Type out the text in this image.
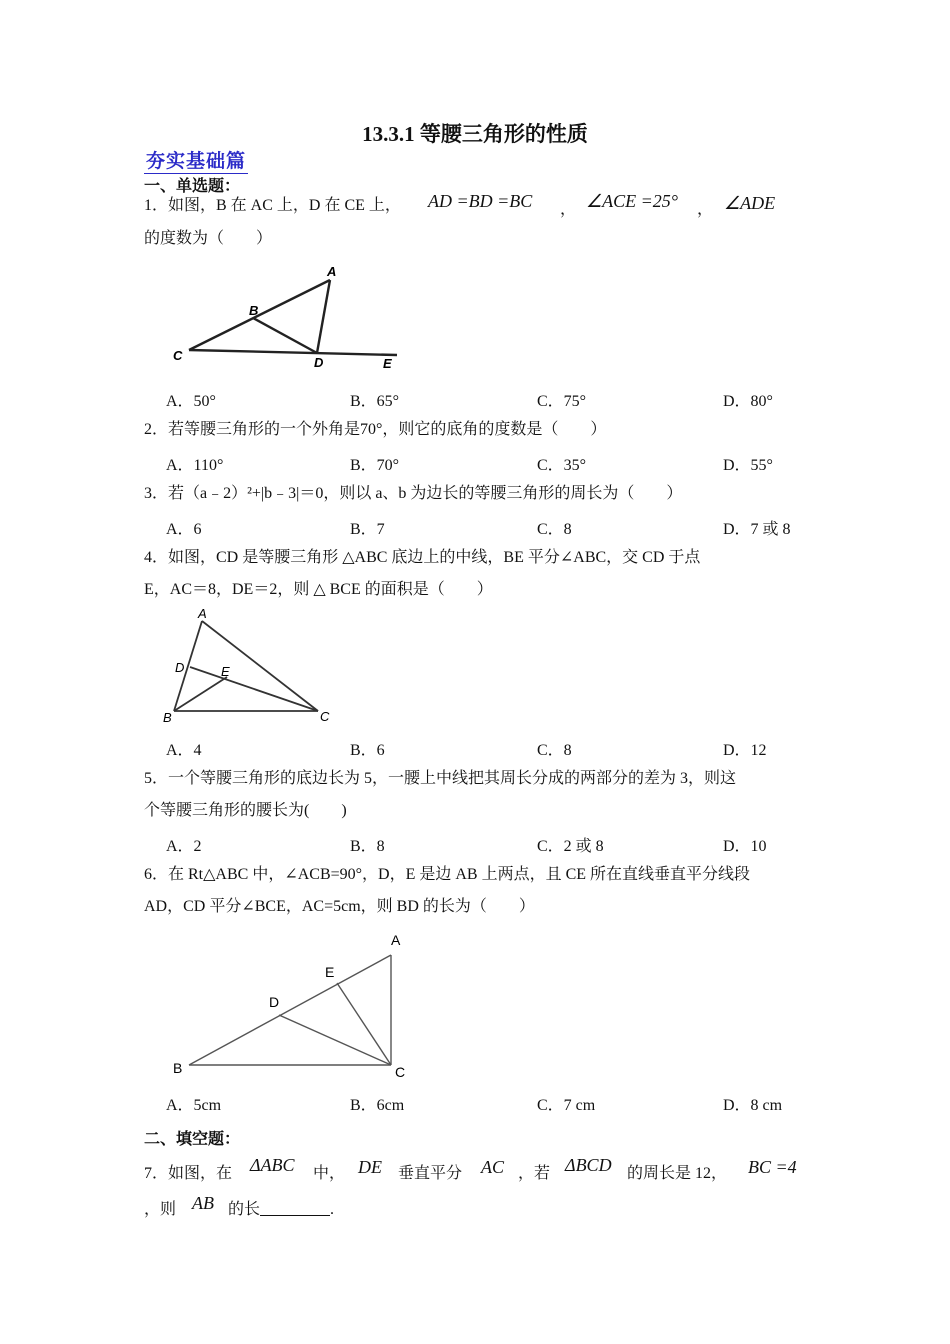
13.3.1 等腰三角形的性质
夯实基础篇
一、单选题：
1．如图，B 在 AC 上，D 在 CE 上， AD =BD =BC ， ∠ACE =25° ， ∠ADE
的度数为（　　）
A
B
C	D	E
A．50°	B．65°	C．75°	D．80°
2．若等腰三角形的一个外角是70°，则它的底角的度数是（　　）
A．110°	B．70°	C．35°	D．55°
3．若（a﹣2）²+|b﹣3|＝0，则以 a、b 为边长的等腰三角形的周长为（　　）
A．6	B．7	C．8	D．7 或 8
4．如图，CD 是等腰三角形 △ABC 底边上的中线，BE 平分∠ABC，交 CD 于点
E，AC＝8，DE＝2，则 △ BCE 的面积是（　　）
A
D	E
B	C
A．4	B．6	C．8	D．12
5．一个等腰三角形的底边长为 5，一腰上中线把其周长分成的两部分的差为 3，则这
个等腰三角形的腰长为(　　)
A．2	B．8	C．2 或 8	D．10
6．在 Rt△ABC 中，∠ACB=90°，D，E 是边 AB 上两点，且 CE 所在直线垂直平分线段
AD，CD 平分∠BCE，AC=5cm，则 BD 的长为（　　）
A
E
D
B	C
A．5cm	B．6cm	C．7 cm	D．8 cm
二、填空题：
7．如图，在 ΔABC 中， DE 垂直平分 AC ，若 ΔBCD 的周长是 12， BC =4
，则 AB 的长	.
